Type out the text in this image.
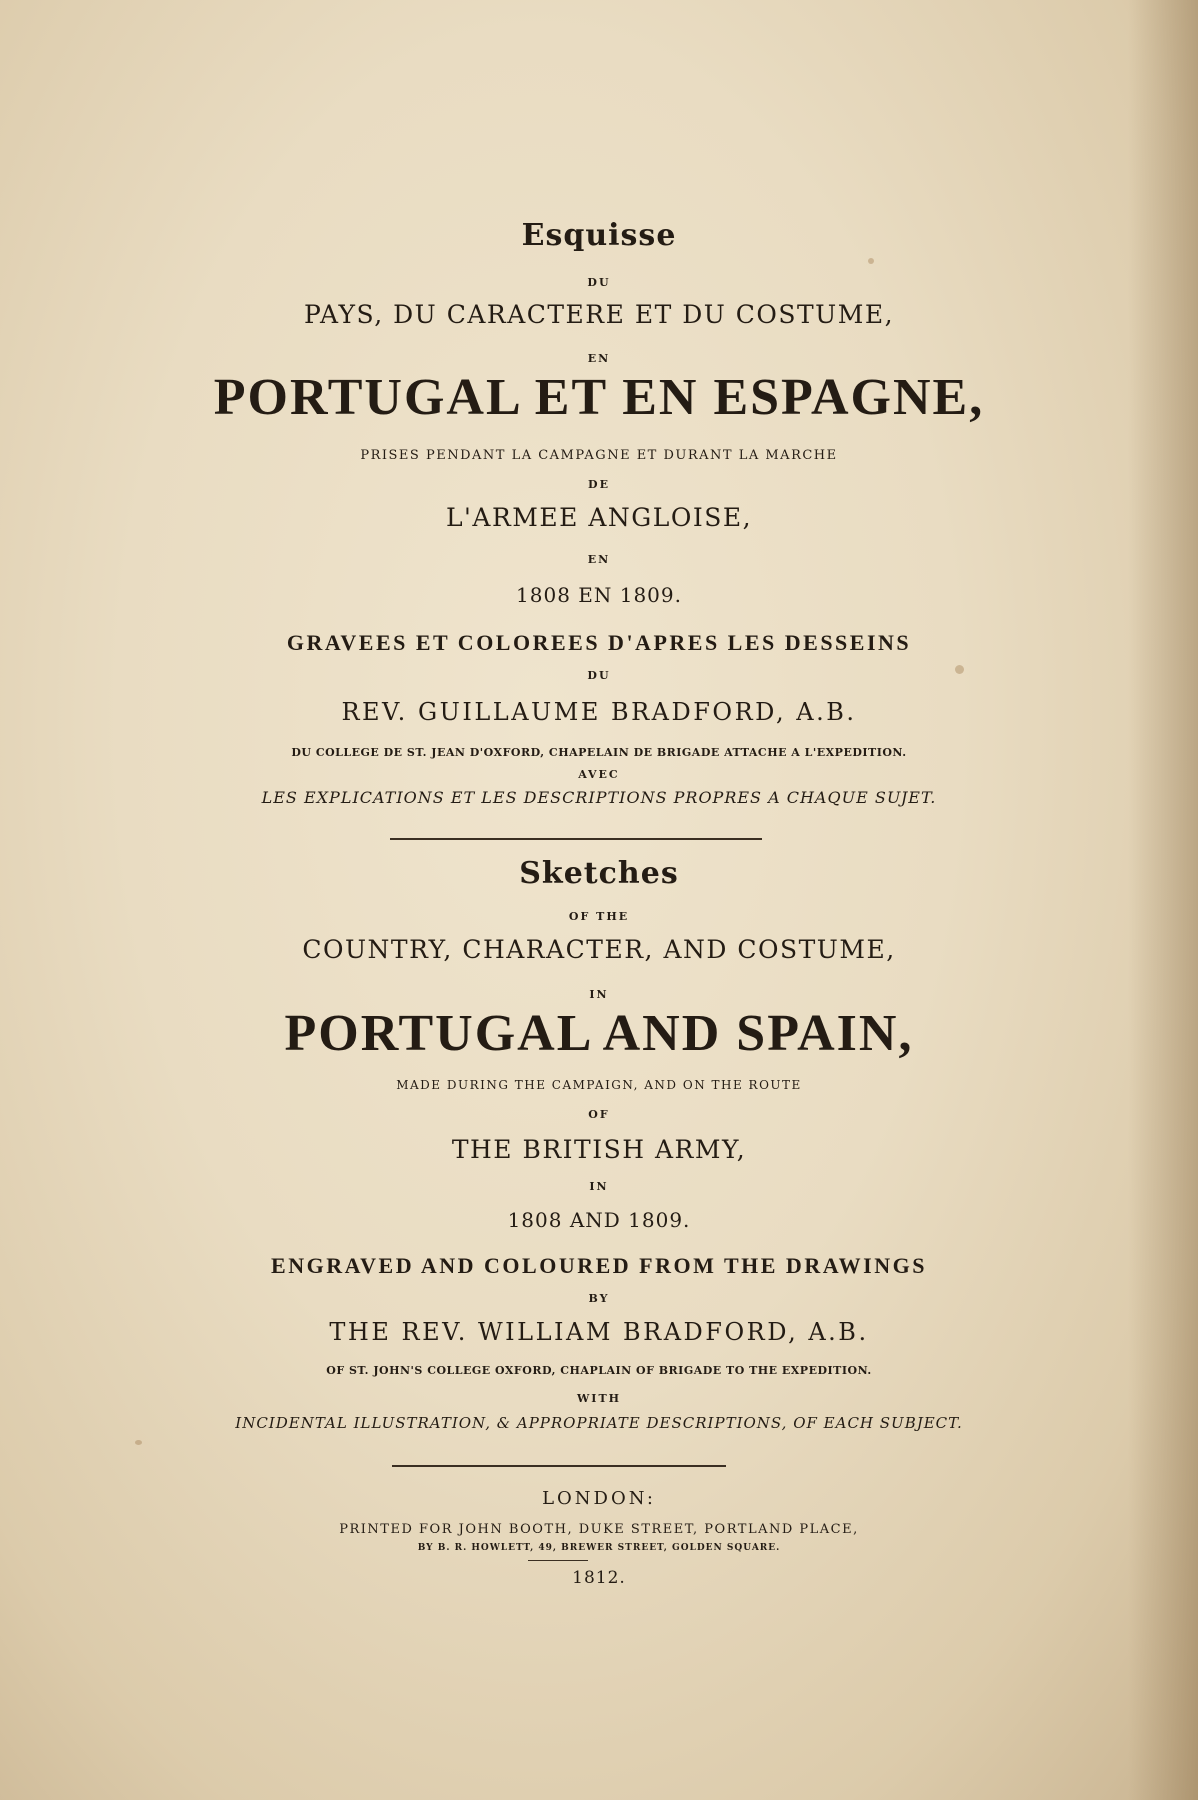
Esquisse
DU
PAYS, DU CARACTERE ET DU COSTUME,
EN
PORTUGAL ET EN ESPAGNE,
PRISES PENDANT LA CAMPAGNE ET DURANT LA MARCHE
DE
L'ARMEE ANGLOISE,
EN
1808 EN 1809.
GRAVEES ET COLOREES D'APRES LES DESSEINS
DU
REV. GUILLAUME BRADFORD, A.B.
DU COLLEGE DE ST. JEAN D'OXFORD, CHAPELAIN DE BRIGADE ATTACHE A L'EXPEDITION.
AVEC
LES EXPLICATIONS ET LES DESCRIPTIONS PROPRES A CHAQUE SUJET.
Sketches
OF THE
COUNTRY, CHARACTER, AND COSTUME,
IN
PORTUGAL AND SPAIN,
MADE DURING THE CAMPAIGN, AND ON THE ROUTE
OF
THE BRITISH ARMY,
IN
1808 AND 1809.
ENGRAVED AND COLOURED FROM THE DRAWINGS
BY
THE REV. WILLIAM BRADFORD, A.B.
OF ST. JOHN'S COLLEGE OXFORD, CHAPLAIN OF BRIGADE TO THE EXPEDITION.
WITH
INCIDENTAL ILLUSTRATION, & APPROPRIATE DESCRIPTIONS, OF EACH SUBJECT.
LONDON:
PRINTED FOR JOHN BOOTH, DUKE STREET, PORTLAND PLACE,
BY B. R. HOWLETT, 49, BREWER STREET, GOLDEN SQUARE.
1812.
